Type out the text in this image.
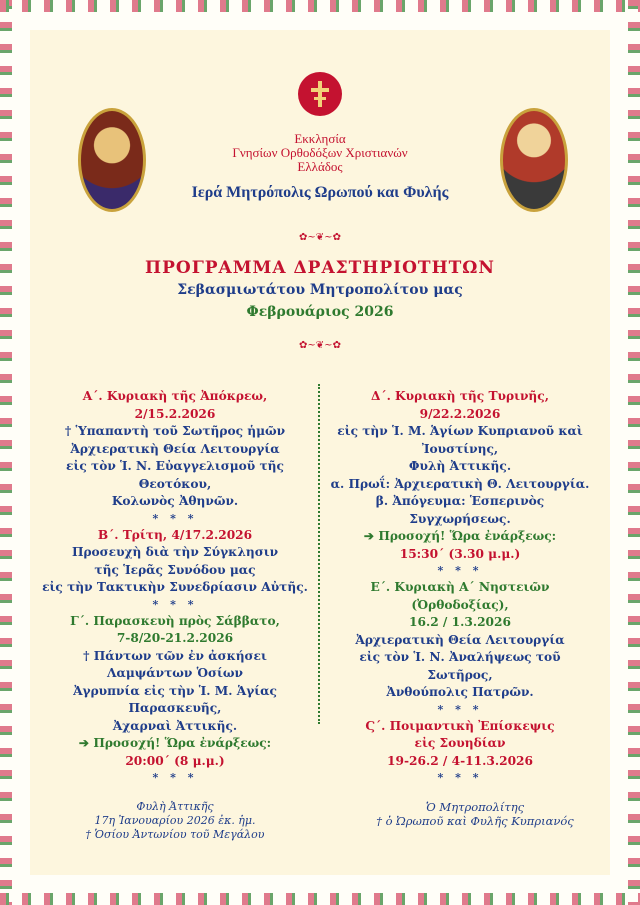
Εκκλησία
Γνησίων Ορθοδόξων Χριστιανών
Ελλάδος
Ιερά Μητρόπολις Ωρωπού και Φυλής
✿~❦~✿
ΠΡΟΓΡΑΜΜΑ ΔΡΑΣΤΗΡΙΟΤΗΤΩΝ
Σεβασμιωτάτου Μητροπολίτου μας
Φεβρουάριος 2026
✿~❦~✿
Α΄. Κυριακὴ τῆς Ἀπόκρεω,
2/15.2.2026
† Ὑπαπαντὴ τοῦ Σωτῆρος ἡμῶν
Ἀρχιερατικὴ Θεία Λειτουργία
εἰς τὸν Ἱ. Ν. Εὐαγγελισμοῦ τῆς Θεοτόκου,
Κολωνὸς Ἀθηνῶν.
* * *
Β΄. Τρίτη, 4/17.2.2026
Προσευχὴ διὰ τὴν Σύγκλησιν
τῆς Ἱερᾶς Συνόδου μας
εἰς τὴν Τακτικὴν Συνεδρίασιν Αὐτῆς.
* * *
Γ΄. Παρασκευὴ πρὸς Σάββατο,
7-8/20-21.2.2026
† Πάντων τῶν ἐν ἀσκήσει Λαμψάντων Ὁσίων
Ἀγρυπνία εἰς τὴν Ἱ. Μ. Ἁγίας Παρασκευῆς,
Ἀχαρναὶ Ἀττικῆς.
➔ Προσοχή! Ὥρα ἐνάρξεως:
20:00΄ (8 μ.μ.)
* * *
Δ΄. Κυριακὴ τῆς Τυρινῆς,
9/22.2.2026
εἰς τὴν Ἱ. Μ. Ἁγίων Κυπριανοῦ καὶ Ἰουστίνης,
Φυλὴ Ἀττικῆς.
α. Πρωΐ: Ἀρχιερατικὴ Θ. Λειτουργία.
β. Ἀπόγευμα: Ἑσπερινὸς Συγχωρήσεως.
➔ Προσοχή! Ὥρα ἐνάρξεως:
15:30΄ (3.30 μ.μ.)
* * *
Ε΄. Κυριακὴ Α΄ Νηστειῶν (Ὀρθοδοξίας),
16.2 / 1.3.2026
Ἀρχιερατικὴ Θεία Λειτουργία
εἰς τὸν Ἱ. Ν. Ἀναλήψεως τοῦ Σωτῆρος,
Ἀνθούπολις Πατρῶν.
* * *
Ϛ΄. Ποιμαντικὴ Ἐπίσκεψις
εἰς Σουηδίαν
19-26.2 / 4-11.3.2026
* * *
Φυλὴ Ἀττικῆς
17η Ἰανουαρίου 2026 ἐκ. ἡμ.
† Ὁσίου Ἀντωνίου τοῦ Μεγάλου
Ὁ Μητροπολίτης
† ὁ Ὠρωποῦ καὶ Φυλῆς Κυπριανός
